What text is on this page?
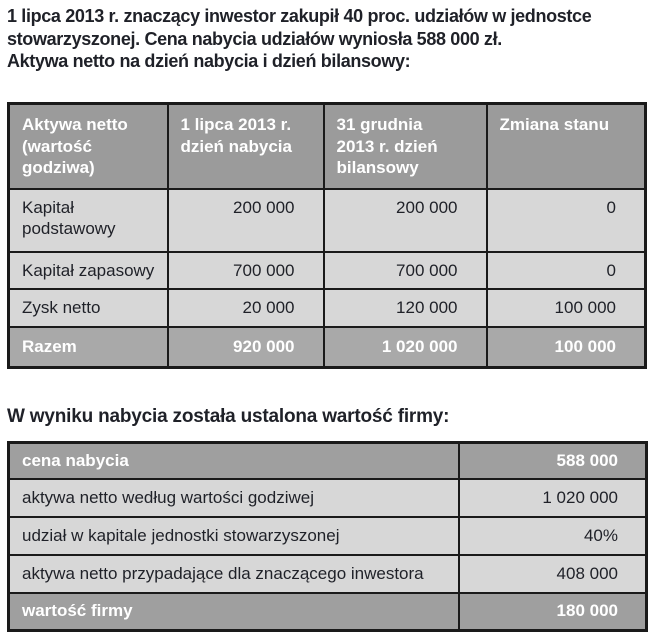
1 lipca 2013 r. znaczący inwestor zakupił 40 proc. udziałów w jednostce
stowarzyszonej. Cena nabycia udziałów wyniosła 588 000 zł.
Aktywa netto na dzień nabycia i dzień bilansowy:
Aktywa netto (wartość godziwa)	1 lipca 2013 r. dzień nabycia	31 grudnia 2013 r. dzień bilansowy	Zmiana stanu
Kapitał podstawowy	200 000	200 000	0
Kapitał zapasowy	700 000	700 000	0
Zysk netto	20 000	120 000	100 000
Razem	920 000	1 020 000	100 000
W wyniku nabycia została ustalona wartość firmy:
cena nabycia	588 000
aktywa netto według wartości godziwej	1 020 000
udział w kapitale jednostki stowarzyszonej	40%
aktywa netto przypadające dla znaczącego inwestora	408 000
wartość firmy	180 000
